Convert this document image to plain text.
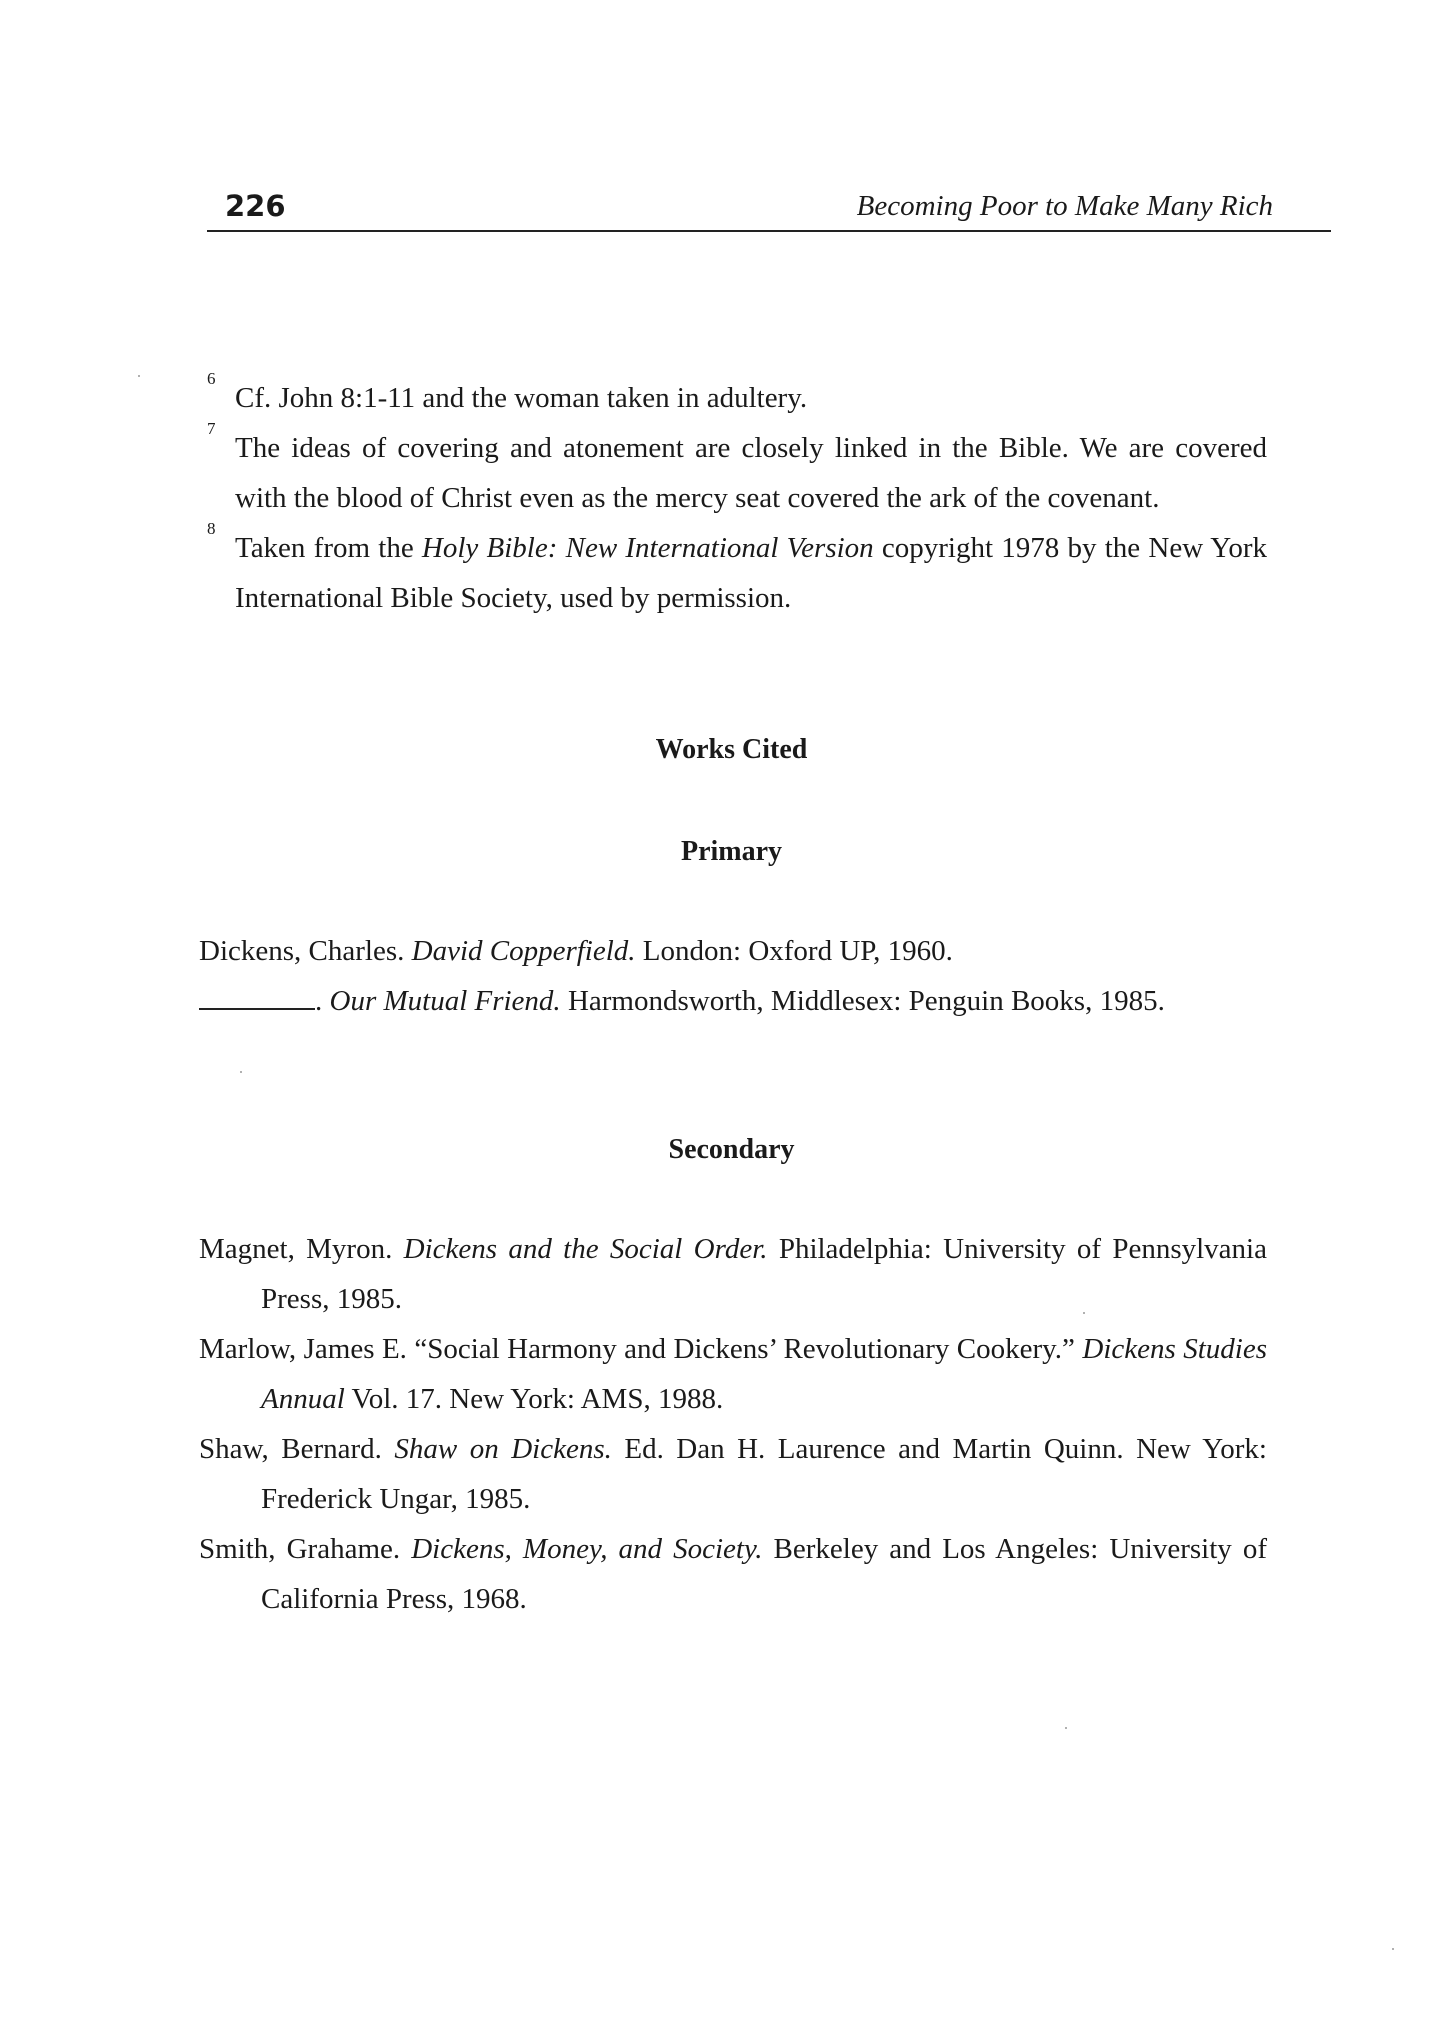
226	Becoming Poor to Make Many Rich
6
Cf. John 8:1-11 and the woman taken in adultery.
7
The ideas of covering and atonement are closely linked in the Bible. We are covered with the blood of Christ even as the mercy seat covered the ark of the covenant.
8
Taken from the Holy Bible: New International Version copyright 1978 by the New York International Bible Society, used by permission.
Works Cited
Primary
Dickens, Charles. David Copperfield. London: Oxford UP, 1960.
. Our Mutual Friend. Harmondsworth, Middlesex: Penguin Books, 1985.
Secondary
Magnet, Myron. Dickens and the Social Order. Philadelphia: University of Pennsylvania Press, 1985.
Marlow, James E. “Social Harmony and Dickens’ Revolutionary Cookery.” Dickens Studies Annual Vol. 17. New York: AMS, 1988.
Shaw, Bernard. Shaw on Dickens. Ed. Dan H. Laurence and Martin Quinn. New York: Frederick Ungar, 1985.
Smith, Grahame. Dickens, Money, and Society. Berkeley and Los Angeles: University of California Press, 1968.
